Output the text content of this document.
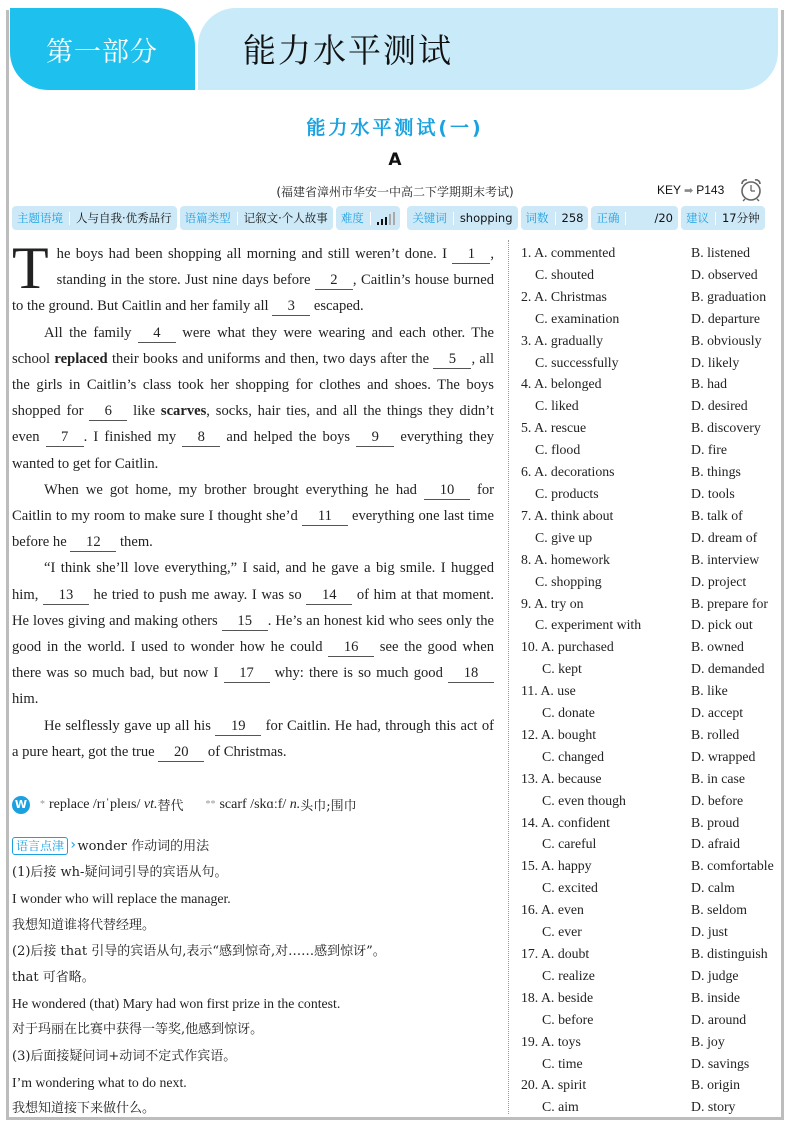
第一部分	能力水平测试
能力水平测试(一)
A
(福建省漳州市华安一中高二下学期期末考试)	KEY ➡ P143
主题语境 人与自我·优秀品行 语篇类型 记叙文·个人故事 难度	关键词 shopping 词数 258 正确	/20 建议 17分钟

The boys had been shopping all morning and still weren’t done. I 1 , standing in the store. Just nine days before 2 , Caitlin’s house burned to the ground. But Caitlin and her family all 3 escaped.

All the family 4 were what they were wearing and each other. The school replaced their books and uniforms and then, two days after the 5 , all the girls in Caitlin’s class took her shopping for clothes and shoes. The boys shopped for 6 like scarves, socks, hair ties, and all the things they didn’t even 7 . I finished my 8 and helped the boys 9 everything they wanted to get for Caitlin.

When we got home, my brother brought everything he had 10 for Caitlin to my room to make sure I thought she’d 11 everything one last time before he 12 them.

“I think she’ll love everything,” I said, and he gave a big smile. I hugged him, 13 he tried to push me away. I was so 14 of him at that moment. He loves giving and making others 15 . He’s an honest kid who sees only the good in the world. I used to wonder how he could 16 see the good when there was so much bad, but now I 17 why: there is so much good 18 him.

He selflessly gave up all his 19 for Caitlin. He had, through this act of a pure heart, got the true 20 of Christmas.

W * replace
/rɪˈpleɪs/
vt. 替代 ** scarf
/skɑːf/
n. 头巾;围巾
语言点津 › wonder 作动词的用法
(1)后接 wh-疑问词引导的宾语从句。
I wonder who will replace the manager.
我想知道谁将代替经理。
(2)后接 that 引导的宾语从句,表示“感到惊奇,对……感到惊讶”。
that 可省略。
He wondered (that) Mary had won first prize in the contest.
对于玛丽在比赛中获得一等奖,他感到惊讶。
(3)后面接疑问词+动词不定式作宾语。
I’m wondering what to do next.
我想知道接下来做什么。
1. A. commented	B. listened
C. shouted	D. observed
2. A. Christmas	B. graduation
C. examination	D. departure
3. A. gradually	B. obviously
C. successfully	D. likely
4. A. belonged	B. had
C. liked	D. desired
5. A. rescue	B. discovery
C. flood	D. fire
6. A. decorations	B. things
C. products	D. tools
7. A. think about	B. talk of
C. give up	D. dream of
8. A. homework	B. interview
C. shopping	D. project
9. A. try on	B. prepare for
C. experiment with	D. pick out
10. A. purchased	B. owned
C. kept	D. demanded
11. A. use	B. like
C. donate	D. accept
12. A. bought	B. rolled
C. changed	D. wrapped
13. A. because	B. in case
C. even though	D. before
14. A. confident	B. proud
C. careful	D. afraid
15. A. happy	B. comfortable
C. excited	D. calm
16. A. even	B. seldom
C. ever	D. just
17. A. doubt	B. distinguish
C. realize	D. judge
18. A. beside	B. inside
C. before	D. around
19. A. toys	B. joy
C. time	D. savings
20. A. spirit	B. origin
C. aim	D. story
